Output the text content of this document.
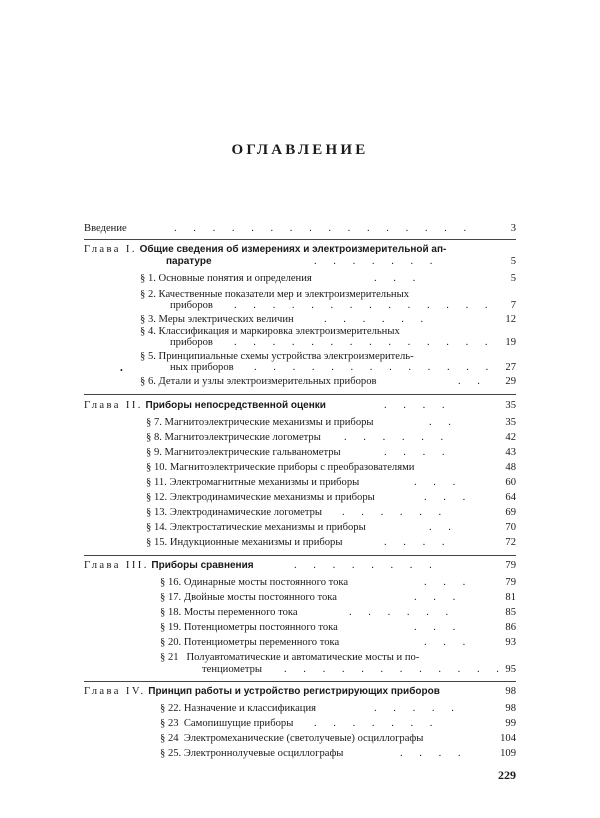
ОГЛАВЛЕНИЕ
Введение	. . . . . . . . . . . . . . . .	3
Глава I. Общие сведения об измерениях и электроизмерительной ап-
паратуре	. . . . . . .	5
§ 1. Основные понятия и определения	. . .	5
§ 2. Качественные показатели мер и электроизмерительных
приборов . . . . . . . . . . . . . . 7
§ 3. Меры электрических величин	. . . . . .	12
§ 4. Классификация и маркировка электроизмерительных
приборов . . . . . . . . . . . . . . 19
§ 5. Принципиальные схемы устройства электроизмеритель-
ных приборов . . . . . . . . . . . . . 27
§ 6. Детали и узлы электроизмерительных приборов	. . 29
•
Глава II. Приборы непосредственной оценки	. . . .	35
§ 7. Магнитоэлектрические механизмы и приборы	. .	35
§ 8. Магнитоэлектрические логометры . . . . . .	42
§ 9. Магнитоэлектрические гальванометры	. . . .	43
§ 10. Магнитоэлектрические приборы с преобразователями	48
§ 11. Электромагнитные механизмы и приборы	. . .	60
§ 12. Электродинамические механизмы и приборы	. . .	64
§ 13. Электродинамические логометры . . . . . .	69
§ 14. Электростатические механизмы и приборы	. .	70
§ 15. Индукционные механизмы и приборы	. . . .	72
Глава III. Приборы сравнения	. . . . . . . .	79
§ 16. Одинарные мосты постоянного тока	. . .	79
§ 17. Двойные мосты постоянного тока	. . .	81
§ 18. Мосты переменного тока	. . . . . .	85
§ 19. Потенциометры постоянного тока	. . .	86
§ 20. Потенциометры переменного тока	. . .	93
§ 21 Полуавтоматические и автоматические мосты и по-
тенциометры . . . . . . . . . . . . 95
Глава IV. Принцип работы и устройство регистрирующих приборов	98
§ 22. Назначение и классификация	. . . . .	98
§ 23 Самопишущие приборы . . . . . . .	99
§ 24 Электромеханические (светолучевые) осциллографы	104
§ 25. Электроннолучевые осциллографы	. . . .	109
229
